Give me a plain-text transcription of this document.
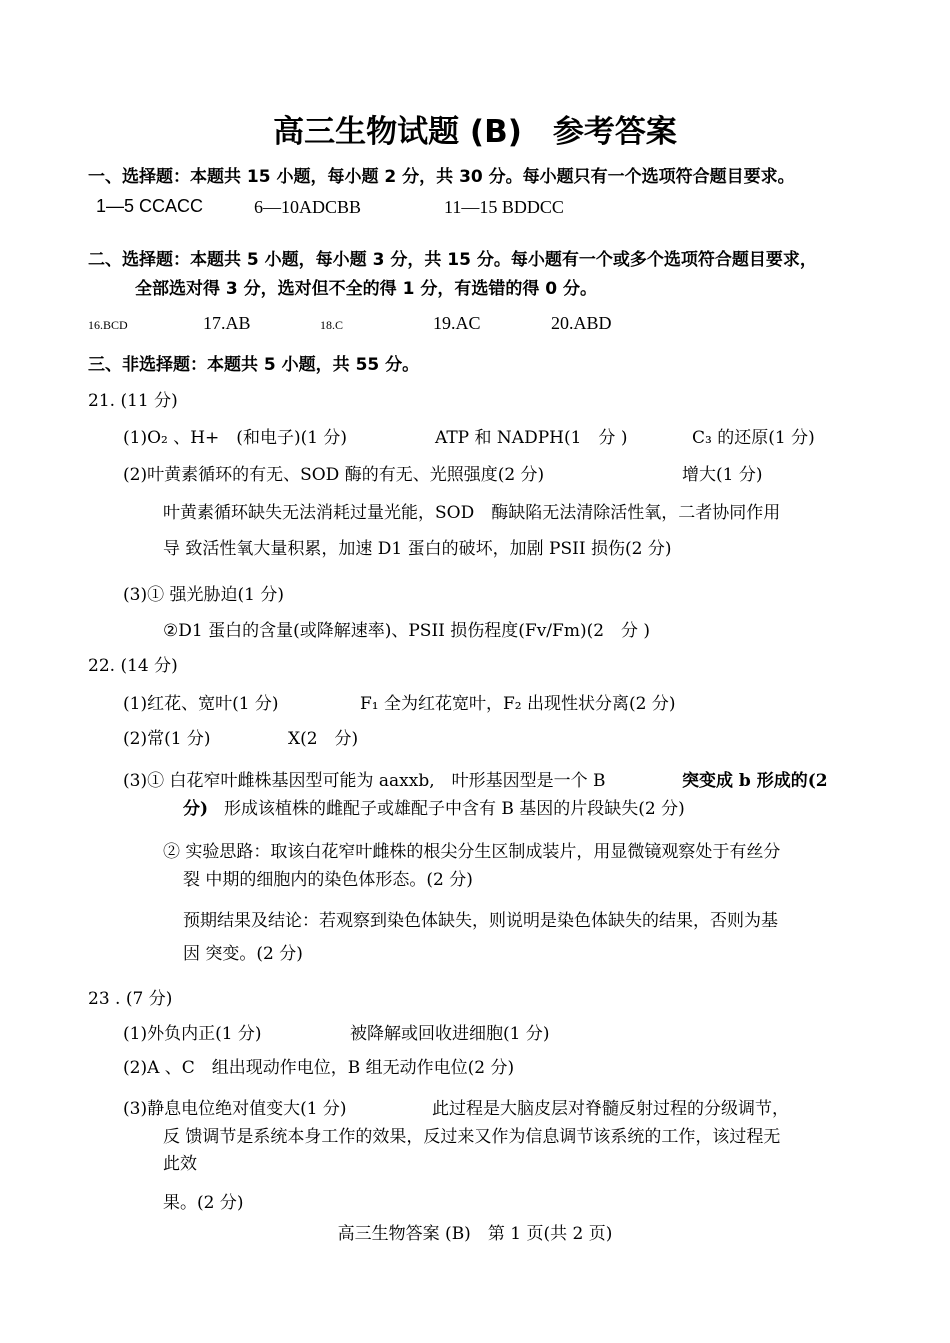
高三生物试题 (B)　参考答案
一、选择题：本题共 15 小题，每小题 2 分，共 30 分。每小题只有一个选项符合题目要求。
1—5 CCACC	6—10ADCBB	11—15 BDDCC
二、选择题：本题共 5 小题，每小题 3 分，共 15 分。每小题有一个或多个选项符合题目要求，
全部选对得 3 分，选对但不全的得 1 分，有选错的得 0 分。
16.BCD	17.AB	18.C	19.AC	20.ABD
三、非选择题：本题共 5 小题，共 55 分。
21. (11 分)
(1)O₂ 、H+　(和电子)(1 分)	ATP 和 NADPH(1　分 )	C₃ 的还原(1 分)
(2)叶黄素循环的有无、SOD 酶的有无、光照强度(2 分)	增大(1 分)
叶黄素循环缺失无法消耗过量光能，SOD　酶缺陷无法清除活性氧，二者协同作用
导 致活性氧大量积累，加速 D1 蛋白的破坏，加剧 PSII 损伤(2 分)
(3)① 强光胁迫(1 分)
②D1 蛋白的含量(或降解速率)、PSII 损伤程度(Fv/Fm)(2　分 )
22. (14 分)
(1)红花、宽叶(1 分)	F₁ 全为红花宽叶，F₂ 出现性状分离(2 分)
(2)常(1 分)	X(2　分)
(3)① 白花窄叶雌株基因型可能为 aaxxb,　叶形基因型是一个 B	突变成 b 形成的(2
分) 形成该植株的雌配子或雄配子中含有 B 基因的片段缺失(2 分)
② 实验思路：取该白花窄叶雌株的根尖分生区制成装片，用显微镜观察处于有丝分
裂 中期的细胞内的染色体形态。(2 分)
预期结果及结论：若观察到染色体缺失，则说明是染色体缺失的结果，否则为基
因 突变。(2 分)
23 . (7 分)
(1)外负内正(1 分)	被降解或回收进细胞(1 分)
(2)A 、C　组出现动作电位，B 组无动作电位(2 分)
(3)静息电位绝对值变大(1 分)	此过程是大脑皮层对脊髓反射过程的分级调节，
反 馈调节是系统本身工作的效果，反过来又作为信息调节该系统的工作，该过程无
此效
果。(2 分)
高三生物答案 (B)　第 1 页(共 2 页)
